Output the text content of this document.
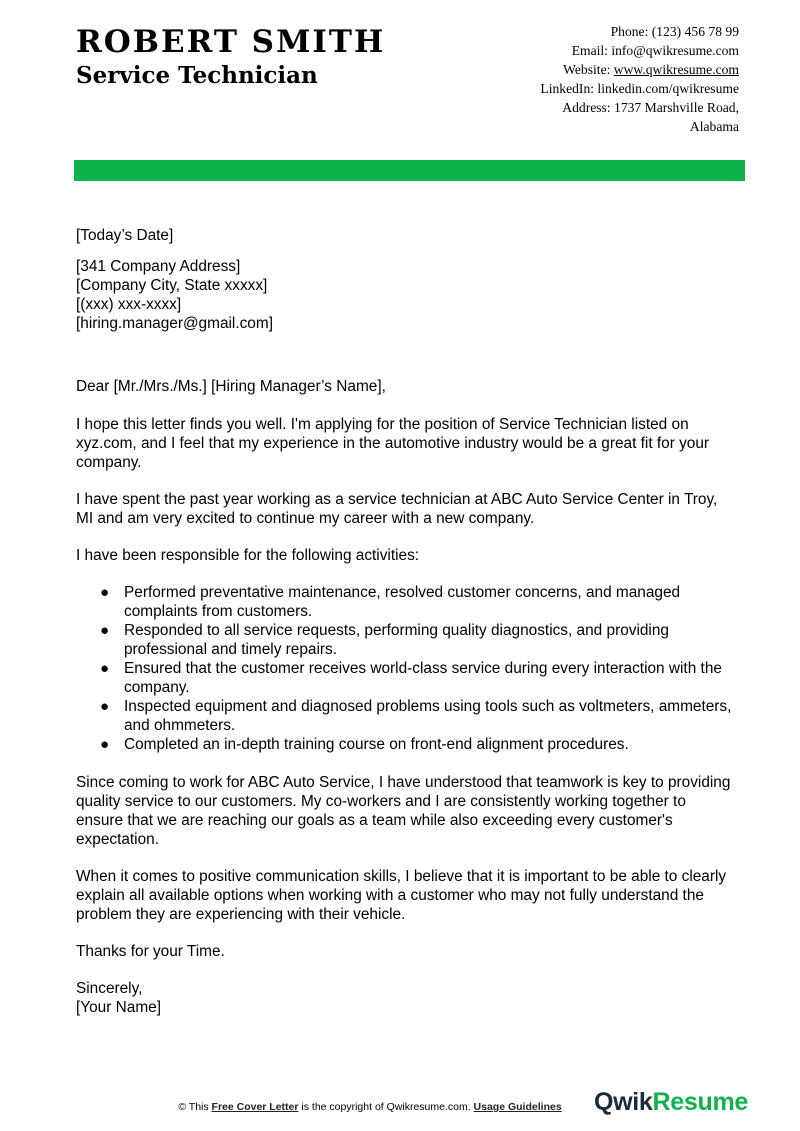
ROBERT SMITH
Service Technician
Phone: (123) 456 78 99
Email: info@qwikresume.com
Website: www.qwikresume.com
LinkedIn: linkedin.com/qwikresume
Address: 1737 Marshville Road,
Alabama

[Today’s Date]

[341 Company Address]
[Company City, State xxxxx]
[(xxx) xxx-xxxx]
[hiring.manager@gmail.com]

Dear [Mr./Mrs./Ms.] [Hiring Manager’s Name],

I hope this letter finds you well. I'm applying for the position of Service Technician listed on xyz.com, and I feel that my experience in the automotive industry would be a great fit for your company.

I have spent the past year working as a service technician at ABC Auto Service Center in Troy, MI and am very excited to continue my career with a new company.

I have been responsible for the following activities:

● Performed preventative maintenance, resolved customer concerns, and managed complaints from customers.
● Responded to all service requests, performing quality diagnostics, and providing professional and timely repairs.
● Ensured that the customer receives world-class service during every interaction with the company.
● Inspected equipment and diagnosed problems using tools such as voltmeters, ammeters, and ohmmeters.
● Completed an in-depth training course on front-end alignment procedures.

Since coming to work for ABC Auto Service, I have understood that teamwork is key to providing quality service to our customers. My co-workers and I are consistently working together to ensure that we are reaching our goals as a team while also exceeding every customer's expectation.

When it comes to positive communication skills, I believe that it is important to be able to clearly explain all available options when working with a customer who may not fully understand the problem they are experiencing with their vehicle.

Thanks for your Time.

Sincerely,
[Your Name]
© This Free Cover Letter is the copyright of Qwikresume.com. Usage Guidelines	QwikResume
